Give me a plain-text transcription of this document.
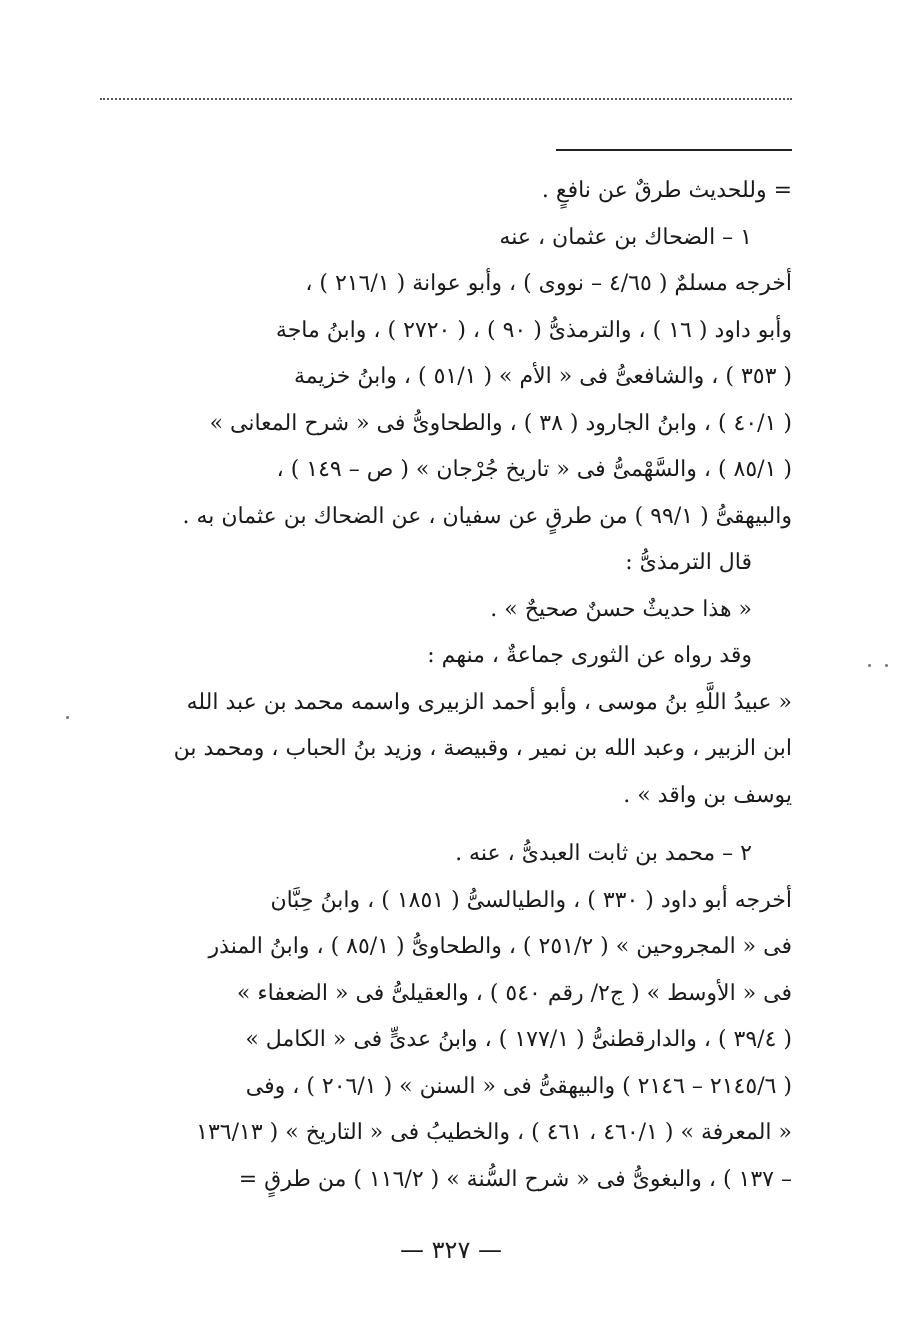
= وللحديث طرقٌ عن نافعٍ .
١ – الضحاك بن عثمان ، عنه
أخرجه مسلمٌ ( ٤/٦٥ – نووى ) ، وأبو عوانة ( ٢١٦/١ ) ،
وأبو داود ( ١٦ ) ، والترمذىُّ ( ٩٠ ) ، ( ٢٧٢٠ ) ، وابنُ ماجة
( ٣٥٣ ) ، والشافعىُّ فى « الأم » ( ٥١/١ ) ، وابنُ خزيمة
( ٤٠/١ ) ، وابنُ الجارود ( ٣٨ ) ، والطحاوىُّ فى « شرح المعانى »
( ٨٥/١ ) ، والسَّهْمىُّ فى « تاريخ جُرْجان » ( ص – ١٤٩ ) ،
والبيهقىُّ ( ٩٩/١ ) من طرقٍ عن سفيان ، عن الضحاك بن عثمان به .
قال الترمذىُّ :
« هذا حديثٌ حسنٌ صحيحٌ » .
وقد رواه عن الثورى جماعةٌ ، منهم :
« عبيدُ اللَّهِ بنُ موسى ، وأبو أحمد الزبيرى واسمه محمد بن عبد الله
ابن الزبير ، وعبد الله بن نمير ، وقبيصة ، وزيد بنُ الحباب ، ومحمد بن
يوسف بن واقد » .
٢ – محمد بن ثابت العبدىُّ ، عنه .
أخرجه أبو داود ( ٣٣٠ ) ، والطيالسىُّ ( ١٨٥١ ) ، وابنُ حِبَّان
فى « المجروحين » ( ٢٥١/٢ ) ، والطحاوىُّ ( ٨٥/١ ) ، وابنُ المنذر
فى « الأوسط » ( ج٢/ رقم ٥٤٠ ) ، والعقيلىُّ فى « الضعفاء »
( ٣٩/٤ ) ، والدارقطنىُّ ( ١٧٧/١ ) ، وابنُ عدىٍّ فى « الكامل »
( ٢١٤٥/٦ – ٢١٤٦ ) والبيهقىُّ فى « السنن » ( ٢٠٦/١ ) ، وفى
« المعرفة » ( ٤٦٠/١ ، ٤٦١ ) ، والخطيبُ فى « التاريخ » ( ١٣٦/١٣
– ١٣٧ ) ، والبغوىُّ فى « شرح السُّنة » ( ١١٦/٢ ) من طرقٍ =
— ٣٢٧ —
